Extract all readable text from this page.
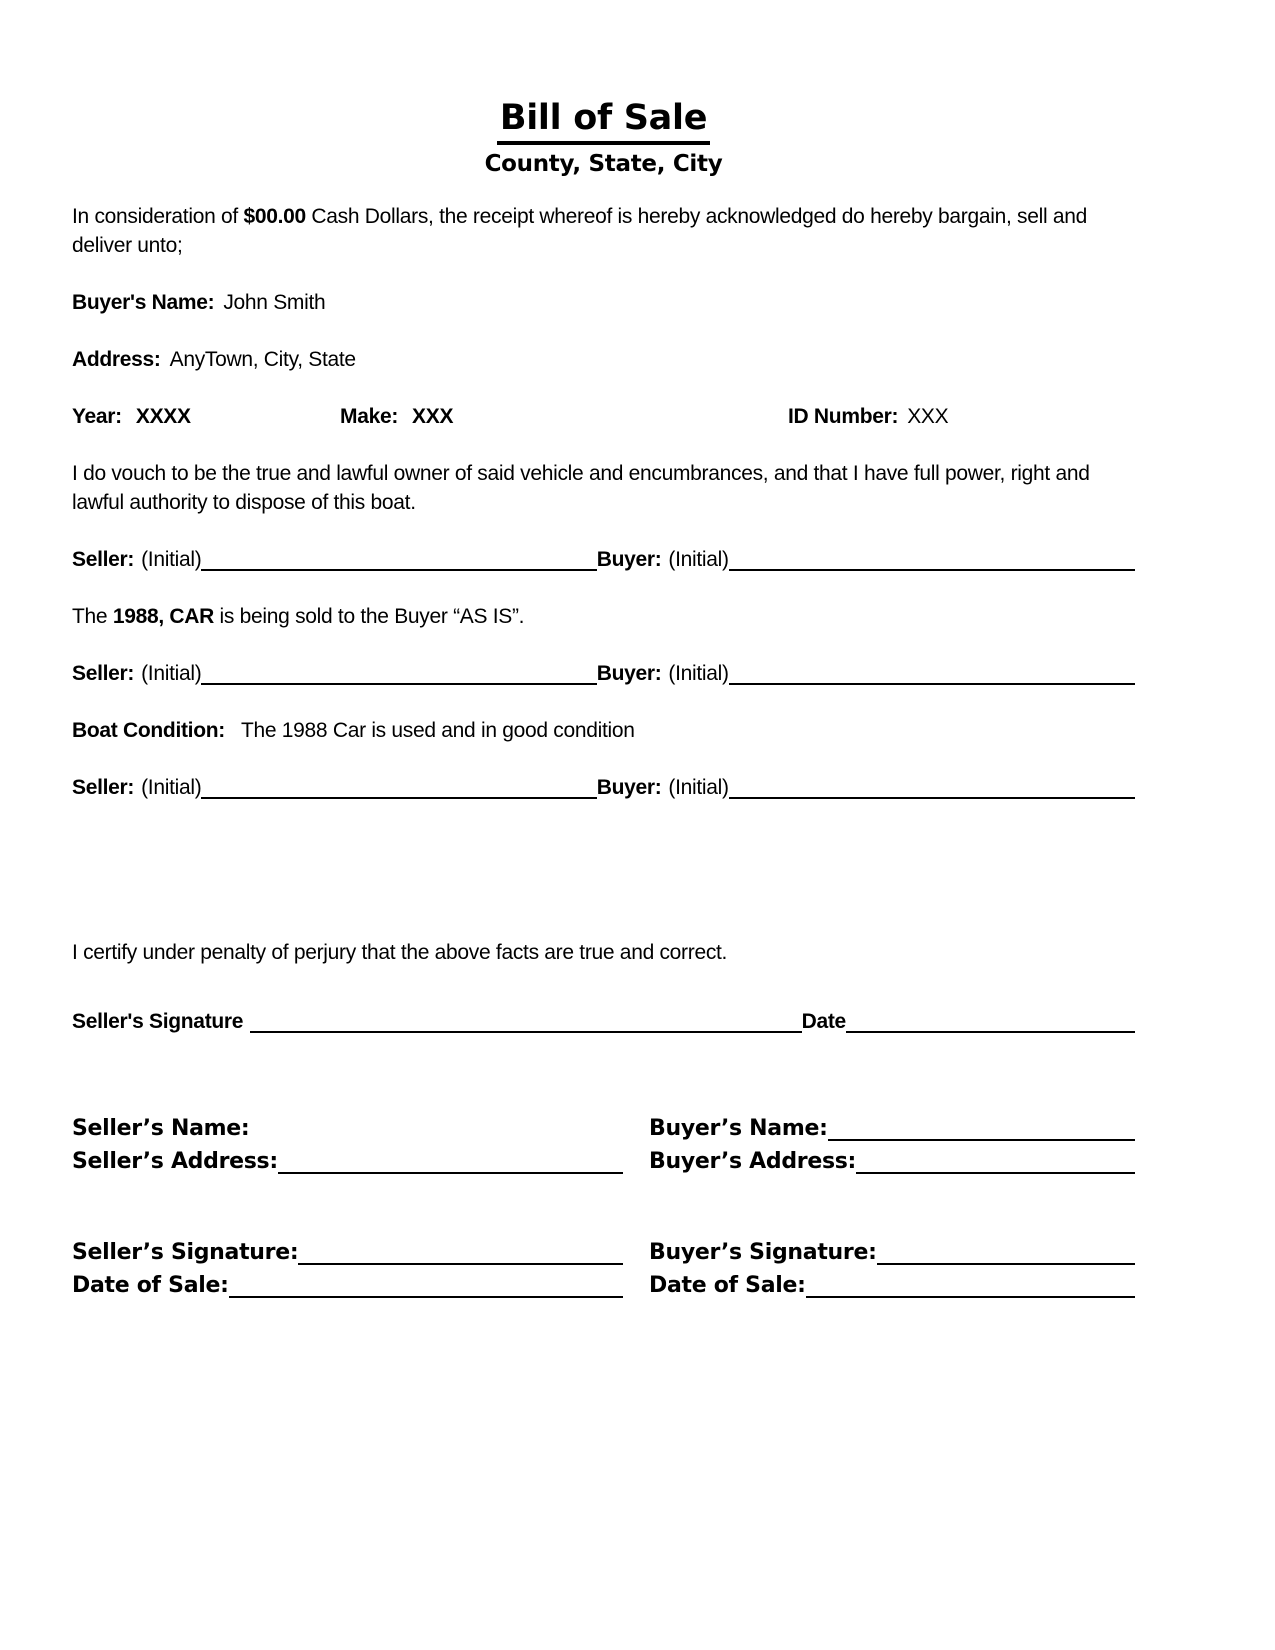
Bill of Sale
County, State, City

In consideration of $00.00 Cash Dollars, the receipt whereof is hereby acknowledged do hereby bargain, sell and deliver unto;

Buyer's Name: John Smith

Address: AnyTown, City, State

Year: XXXX	Make: XXX	ID Number: XXX

I do vouch to be the true and lawful owner of said vehicle and encumbrances, and that I have full power, right and lawful authority to dispose of this boat.

Seller: (Initial)	Buyer: (Initial)

The 1988, CAR is being sold to the Buyer “AS IS”.

Seller: (Initial)	Buyer: (Initial)

Boat Condition: The 1988 Car is used and in good condition

Seller: (Initial)	Buyer: (Initial)

I certify under penalty of perjury that the above facts are true and correct.

Seller's Signature	Date
Seller’s Name:	Buyer’s Name:
Seller’s Address:	Buyer’s Address:
Seller’s Signature:	Buyer’s Signature:
Date of Sale:	Date of Sale:
